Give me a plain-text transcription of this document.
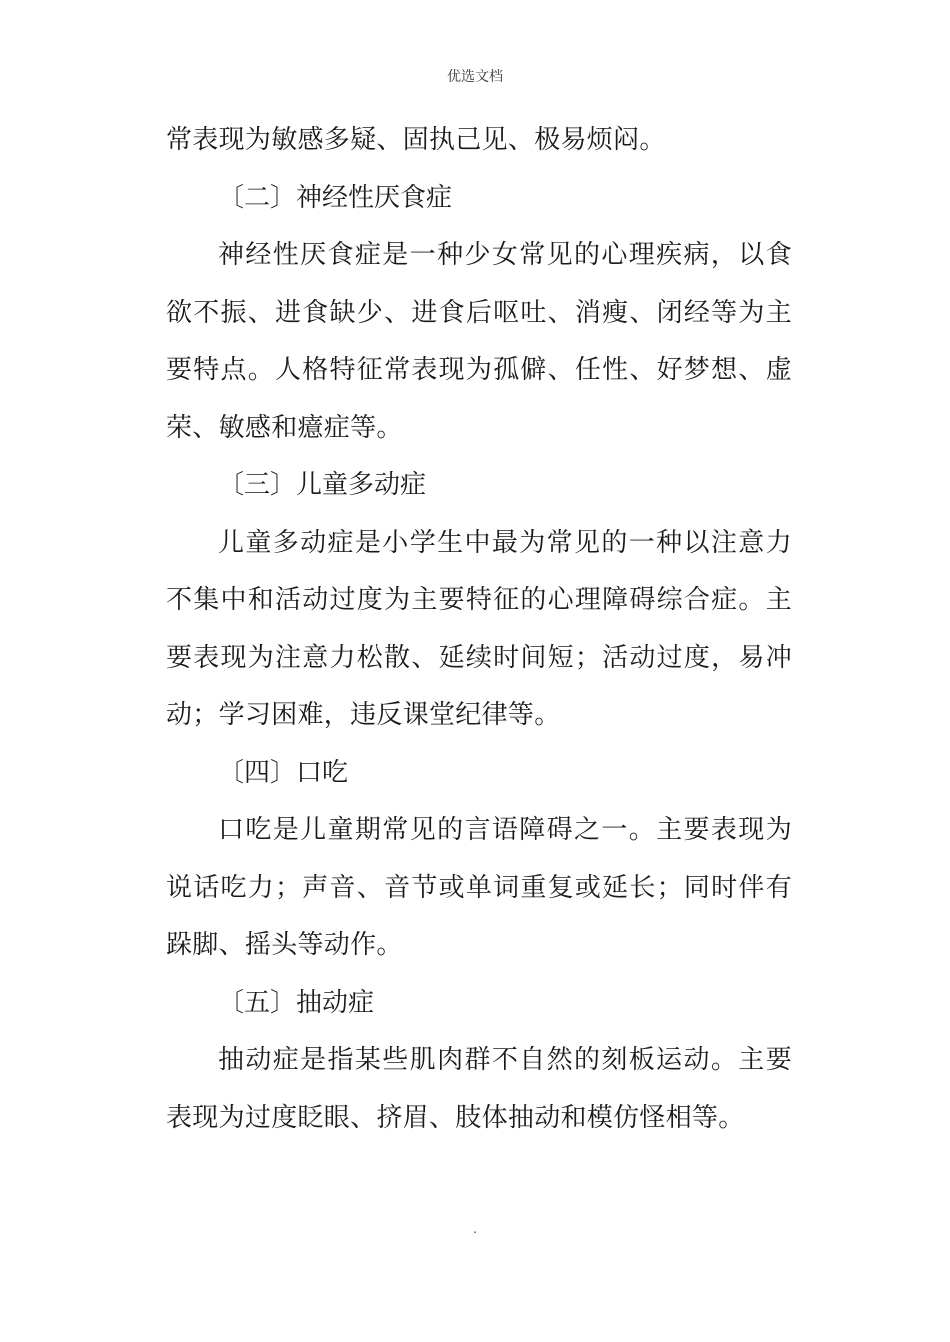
优选文档

常表现为敏感多疑、固执己见、极易烦闷。

〔二〕神经性厌食症

神经性厌食症是一种少女常见的心理疾病，以食欲不振、进食缺少、进食后呕吐、消瘦、闭经等为主要特点。人格特征常表现为孤僻、任性、好梦想、虚荣、敏感和癔症等。

〔三〕儿童多动症

儿童多动症是小学生中最为常见的一种以注意力不集中和活动过度为主要特征的心理障碍综合症。主要表现为注意力松散、延续时间短；活动过度，易冲动；学习困难，违反课堂纪律等。

〔四〕口吃

口吃是儿童期常见的言语障碍之一。主要表现为说话吃力；声音、音节或单词重复或延长；同时伴有跺脚、摇头等动作。

〔五〕抽动症

抽动症是指某些肌肉群不自然的刻板运动。主要表现为过度眨眼、挤眉、肢体抽动和模仿怪相等。

.
